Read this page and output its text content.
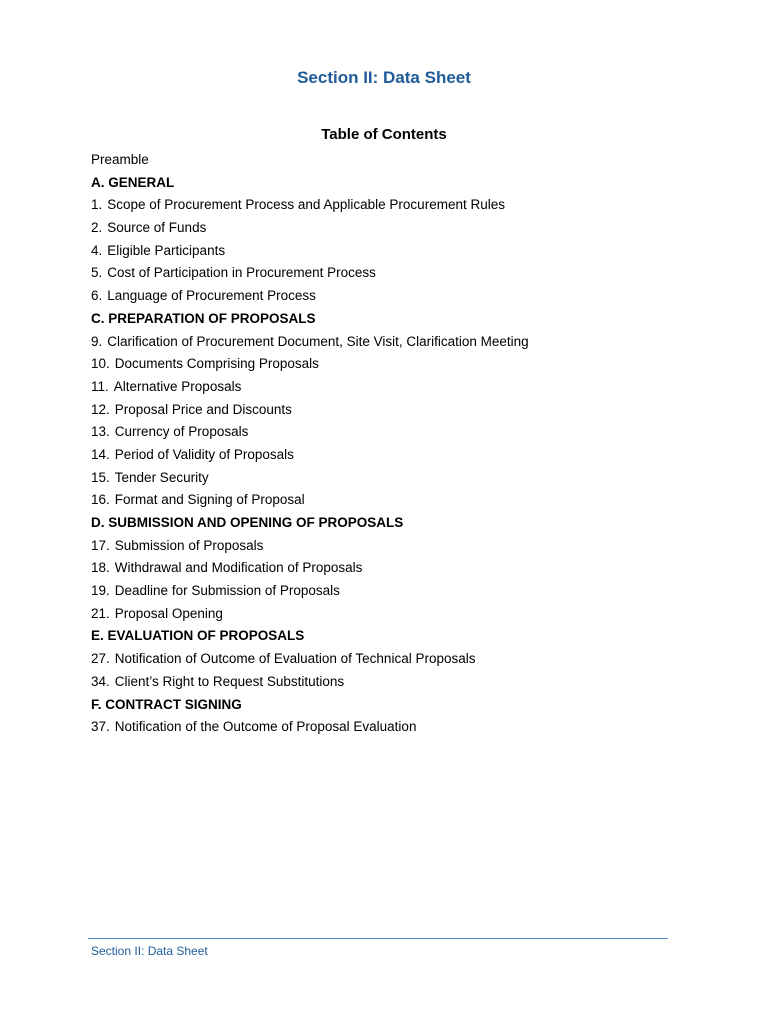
Section II: Data Sheet
Table of Contents
Preamble
A. GENERAL
1. Scope of Procurement Process and Applicable Procurement Rules
2. Source of Funds
4. Eligible Participants
5. Cost of Participation in Procurement Process
6. Language of Procurement Process
C. PREPARATION OF PROPOSALS
9. Clarification of Procurement Document, Site Visit, Clarification Meeting
10. Documents Comprising Proposals
11. Alternative Proposals
12. Proposal Price and Discounts
13. Currency of Proposals
14. Period of Validity of Proposals
15. Tender Security
16. Format and Signing of Proposal
D. SUBMISSION AND OPENING OF PROPOSALS
17. Submission of Proposals
18. Withdrawal and Modification of Proposals
19. Deadline for Submission of Proposals
21. Proposal Opening
E. EVALUATION OF PROPOSALS
27. Notification of Outcome of Evaluation of Technical Proposals
34. Client’s Right to Request Substitutions
F. CONTRACT SIGNING
37. Notification of the Outcome of Proposal Evaluation
Section II: Data Sheet
